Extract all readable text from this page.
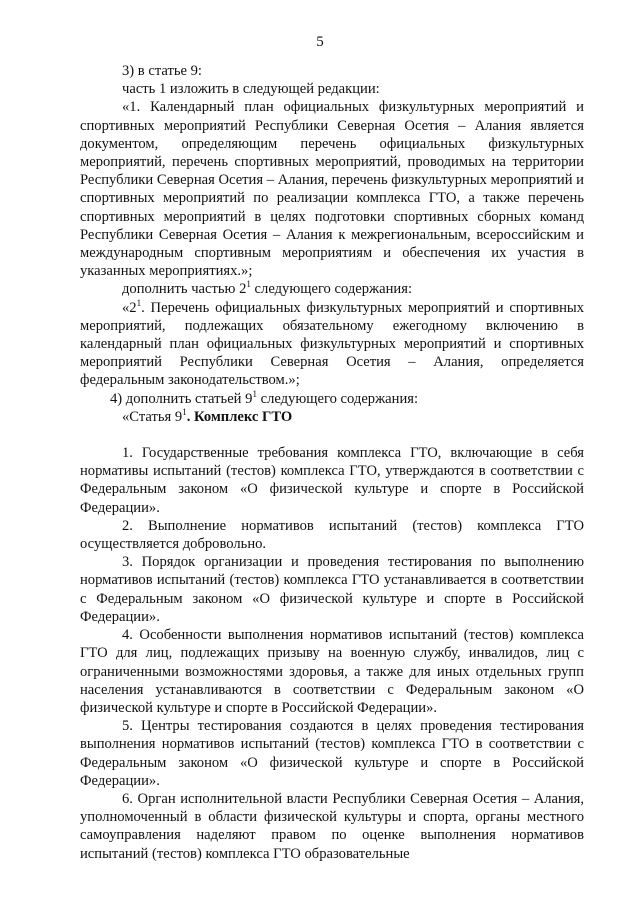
5

3) в статье 9:

часть 1 изложить в следующей редакции:

«1. Календарный план официальных физкультурных мероприятий и спортивных мероприятий Республики Северная Осетия – Алания является документом, определяющим перечень официальных физкультурных мероприятий, перечень спортивных мероприятий, проводимых на территории Республики Северная Осетия – Алания, перечень физкультурных мероприятий и спортивных мероприятий по реализации комплекса ГТО, а также перечень спортивных мероприятий в целях подготовки спортивных сборных команд Республики Северная Осетия – Алания к межрегиональным, всероссийским и международным спортивным мероприятиям и обеспечения их участия в указанных мероприятиях.»;

дополнить частью $2^1$ следующего содержания:

«$2^1$. Перечень официальных физкультурных мероприятий и спортивных мероприятий, подлежащих обязательному ежегодному включению в календарный план официальных физкультурных мероприятий и спортивных мероприятий Республики Северная Осетия – Алания, определяется федеральным законодательством.»;

4) дополнить статьей $9^1$ следующего содержания:

«Статья $9^1$. Комплекс ГТО

1. Государственные требования комплекса ГТО, включающие в себя нормативы испытаний (тестов) комплекса ГТО, утверждаются в соответствии с Федеральным законом «О физической культуре и спорте в Российской Федерации».

2. Выполнение нормативов испытаний (тестов) комплекса ГТО осуществляется добровольно.

3. Порядок организации и проведения тестирования по выполнению нормативов испытаний (тестов) комплекса ГТО устанавливается в соответствии с Федеральным законом «О физической культуре и спорте в Российской Федерации».

4. Особенности выполнения нормативов испытаний (тестов) комплекса ГТО для лиц, подлежащих призыву на военную службу, инвалидов, лиц с ограниченными возможностями здоровья, а также для иных отдельных групп населения устанавливаются в соответствии с Федеральным законом «О физической культуре и спорте в Российской Федерации».

5. Центры тестирования создаются в целях проведения тестирования выполнения нормативов испытаний (тестов) комплекса ГТО в соответствии с Федеральным законом «О физической культуре и спорте в Российской Федерации».

6. Орган исполнительной власти Республики Северная Осетия – Алания, уполномоченный в области физической культуры и спорта, органы местного самоуправления наделяют правом по оценке выполнения нормативов испытаний (тестов) комплекса ГТО образовательные
